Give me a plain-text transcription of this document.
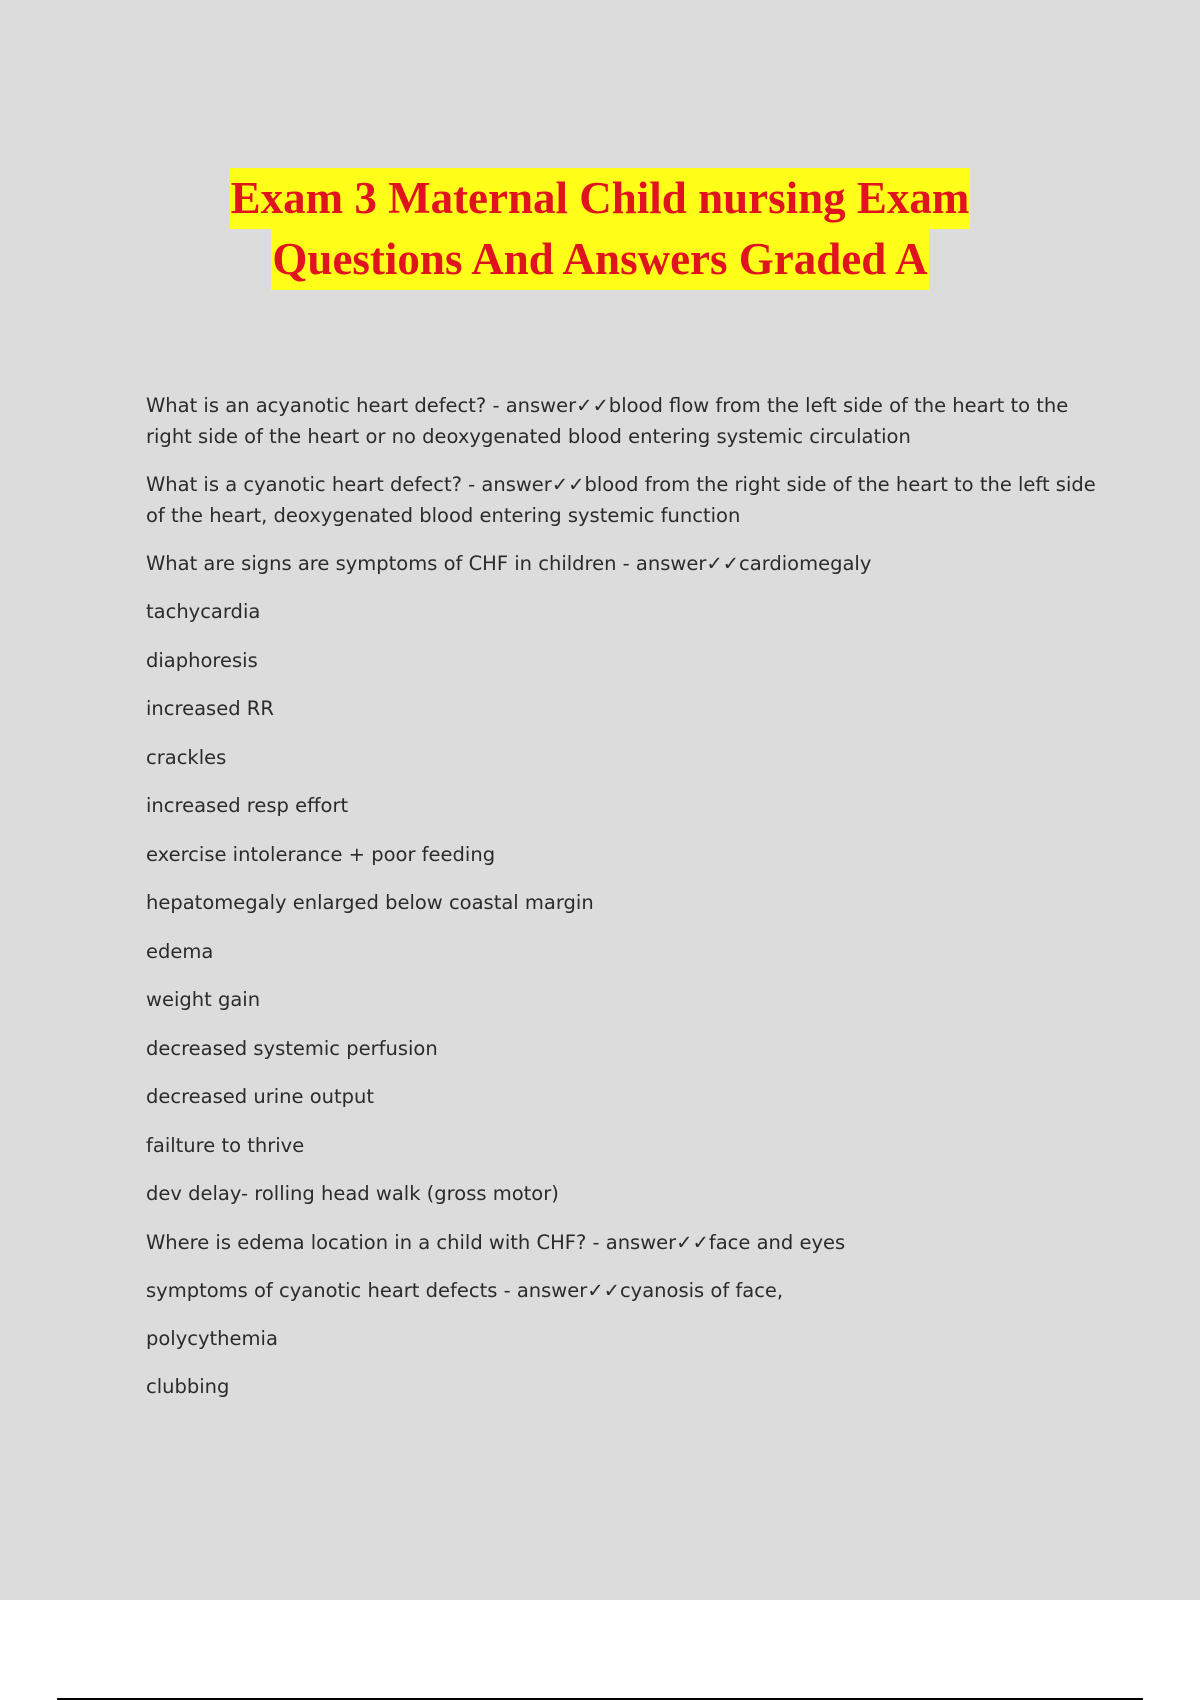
Exam 3 Maternal Child nursing Exam
Questions And Answers Graded A

What is an acyanotic heart defect? - answer✓✓blood flow from the left side of the heart to the right side of the heart or no deoxygenated blood entering systemic circulation

What is a cyanotic heart defect? - answer✓✓blood from the right side of the heart to the left side of the heart, deoxygenated blood entering systemic function

What are signs are symptoms of CHF in children - answer✓✓cardiomegaly

tachycardia

diaphoresis

increased RR

crackles

increased resp effort

exercise intolerance + poor feeding

hepatomegaly enlarged below coastal margin

edema

weight gain

decreased systemic perfusion

decreased urine output

failture to thrive

dev delay- rolling head walk (gross motor)

Where is edema location in a child with CHF? - answer✓✓face and eyes

symptoms of cyanotic heart defects - answer✓✓cyanosis of face,

polycythemia

clubbing
